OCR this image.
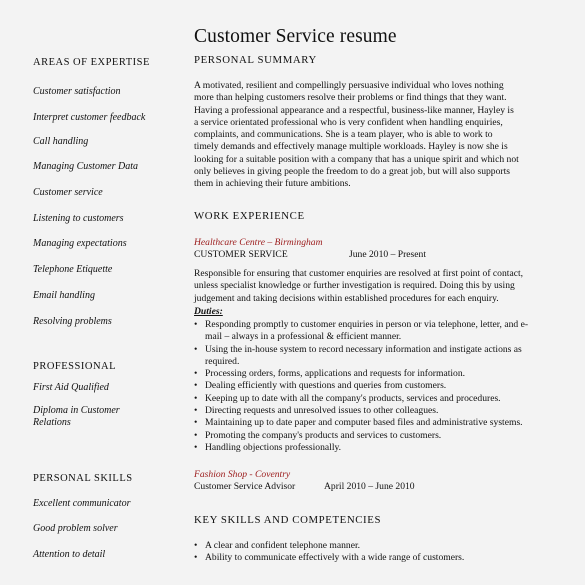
Customer Service resume
AREAS OF EXPERTISE
Customer satisfaction
Interpret customer feedback
Call handling
Managing Customer Data
Customer service
Listening to customers
Managing expectations
Telephone Etiquette
Email handling
Resolving problems
PROFESSIONAL
First Aid Qualified
Diploma in Customer
Relations
PERSONAL SKILLS
Excellent communicator
Good problem solver
Attention to detail
PERSONAL SUMMARY
A motivated, resilient and compellingly persuasive individual who loves nothing
more than helping customers resolve their problems or find things that they want.
Having a professional appearance and a respectful, business-like manner, Hayley is
a service orientated professional who is very confident when handling enquiries,
complaints, and communications. She is a team player, who is able to work to
timely demands and effectively manage multiple workloads. Hayley is now she is
looking for a suitable position with a company that has a unique spirit and which not
only believes in giving people the freedom to do a great job, but will also supports
them in achieving their future ambitions.
WORK EXPERIENCE
Healthcare Centre – Birmingham
CUSTOMER SERVICE	June 2010 – Present
Responsible for ensuring that customer enquiries are resolved at first point of contact,
unless specialist knowledge or further investigation is required. Doing this by using
judgement and taking decisions within established procedures for each enquiry.
Duties:
• Responding promptly to customer enquiries in person or via telephone, letter, and e-
mail – always in a professional & efficient manner.
• Using the in-house system to record necessary information and instigate actions as
required.
• Processing orders, forms, applications and requests for information.
• Dealing efficiently with questions and queries from customers.
• Keeping up to date with all the company's products, services and procedures.
• Directing requests and unresolved issues to other colleagues.
• Maintaining up to date paper and computer based files and administrative systems.
• Promoting the company's products and services to customers.
• Handling objections professionally.
Fashion Shop - Coventry
Customer Service Advisor	April 2010 – June 2010
KEY SKILLS AND COMPETENCIES
• A clear and confident telephone manner.
• Ability to communicate effectively with a wide range of customers.
